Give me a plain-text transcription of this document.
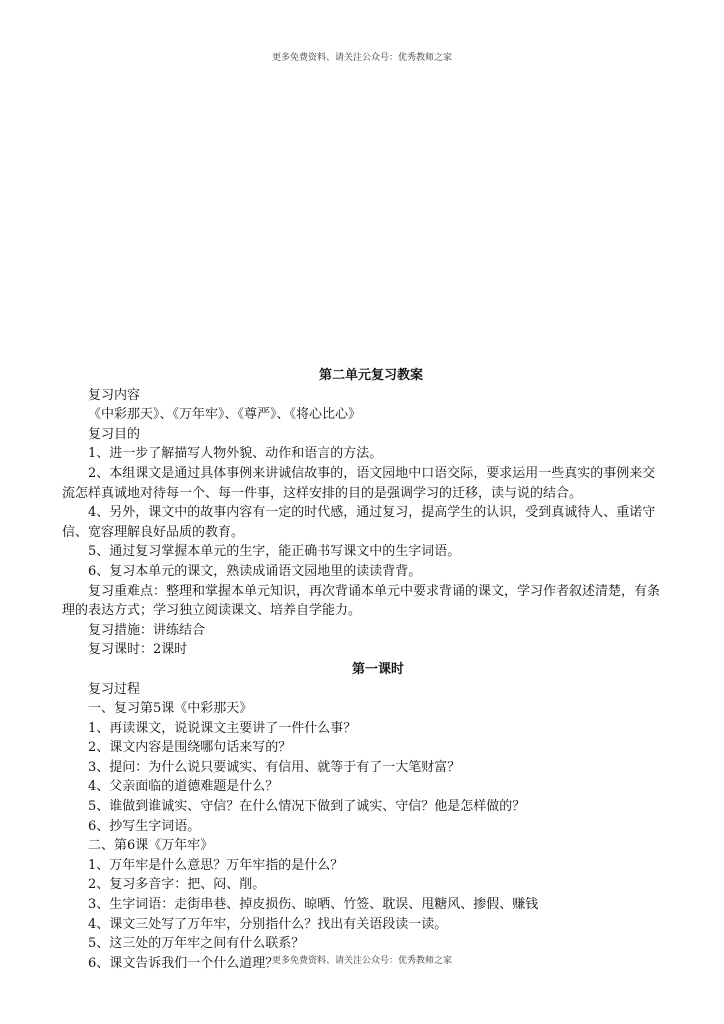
更多免费资料、请关注公众号：优秀教师之家
第二单元复习教案

复习内容

《中彩那天》、《万年牢》、《尊严》、《将心比心》

复习目的

1、进一步了解描写人物外貌、动作和语言的方法。

2、本组课文是通过具体事例来讲诚信故事的，语文园地中口语交际，要求运用一些真实的事例来交流怎样真诚地对待每一个、每一件事，这样安排的目的是强调学习的迁移，读与说的结合。

4、另外，课文中的故事内容有一定的时代感，通过复习，提高学生的认识，受到真诚待人、重诺守信、宽容理解良好品质的教育。

5、通过复习掌握本单元的生字，能正确书写课文中的生字词语。

6、复习本单元的课文，熟读成诵语文园地里的读读背背。

复习重难点：整理和掌握本单元知识，再次背诵本单元中要求背诵的课文，学习作者叙述清楚，有条理的表达方式；学习独立阅读课文、培养自学能力。

复习措施：讲练结合

复习课时：2课时

第一课时

复习过程

一、复习第5课《中彩那天》

1、再读课文，说说课文主要讲了一件什么事？

2、课文内容是围绕哪句话来写的？

3、提问：为什么说只要诚实、有信用、就等于有了一大笔财富？

4、父亲面临的道德难题是什么？

5、谁做到谁诚实、守信？在什么情况下做到了诚实、守信？他是怎样做的？

6、抄写生字词语。

二、第6课《万年牢》

1、万年牢是什么意思？万年牢指的是什么？

2、复习多音字：把、闷、削。

3、生字词语：走街串巷、掉皮损伤、晾晒、竹签、耽误、甩糖风、掺假、赚钱

4、课文三处写了万年牢，分别指什么？找出有关语段读一读。

5、这三处的万年牢之间有什么联系？

6、课文告诉我们一个什么道理？

更多免费资料、请关注公众号：优秀教师之家
